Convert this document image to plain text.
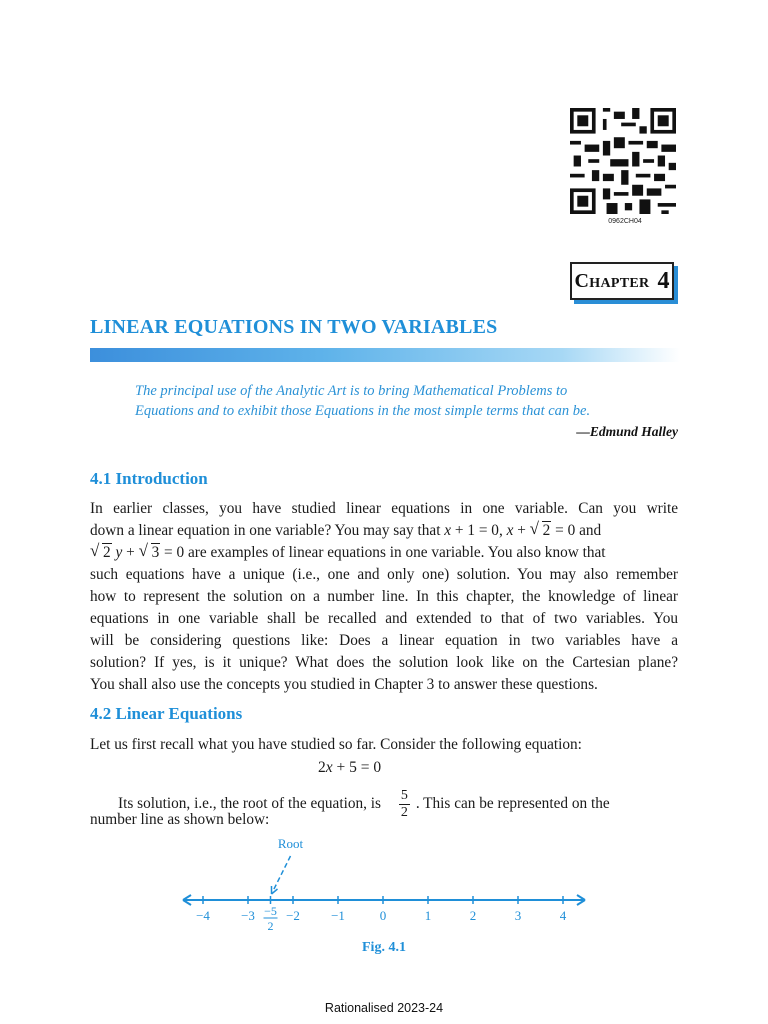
0962CH04
Chapter 4
LINEAR EQUATIONS IN TWO VARIABLES
The principal use of the Analytic Art is to bring Mathematical Problems to
Equations and to exhibit those Equations in the most simple terms that can be.
—Edmund Halley
4.1 Introduction
In earlier classes, you have studied linear equations in one variable. Can you write
down a linear equation in one variable? You may say that x + 1 = 0, x + √ 2 = 0 and
√ 2 y + √ 3 = 0 are examples of linear equations in one variable. You also know that
such equations have a unique (i.e., one and only one) solution. You may also remember
how to represent the solution on a number line. In this chapter, the knowledge of linear
equations in one variable shall be recalled and extended to that of two variables. You
will be considering questions like: Does a linear equation in two variables have a
solution? If yes, is it unique? What does the solution look like on the Cartesian plane?
You shall also use the concepts you studied in Chapter 3 to answer these questions.
4.2 Linear Equations
Let us first recall what you have studied so far. Consider the following equation:
2x + 5 = 0
Its solution, i.e., the root of the equation, is $\frac{5}{2}$ . This can be represented on the
number line as shown below:
−4 −3 −2 −1	0	1	2	3	4
−5
2
Root
Fig. 4.1
Rationalised 2023-24
